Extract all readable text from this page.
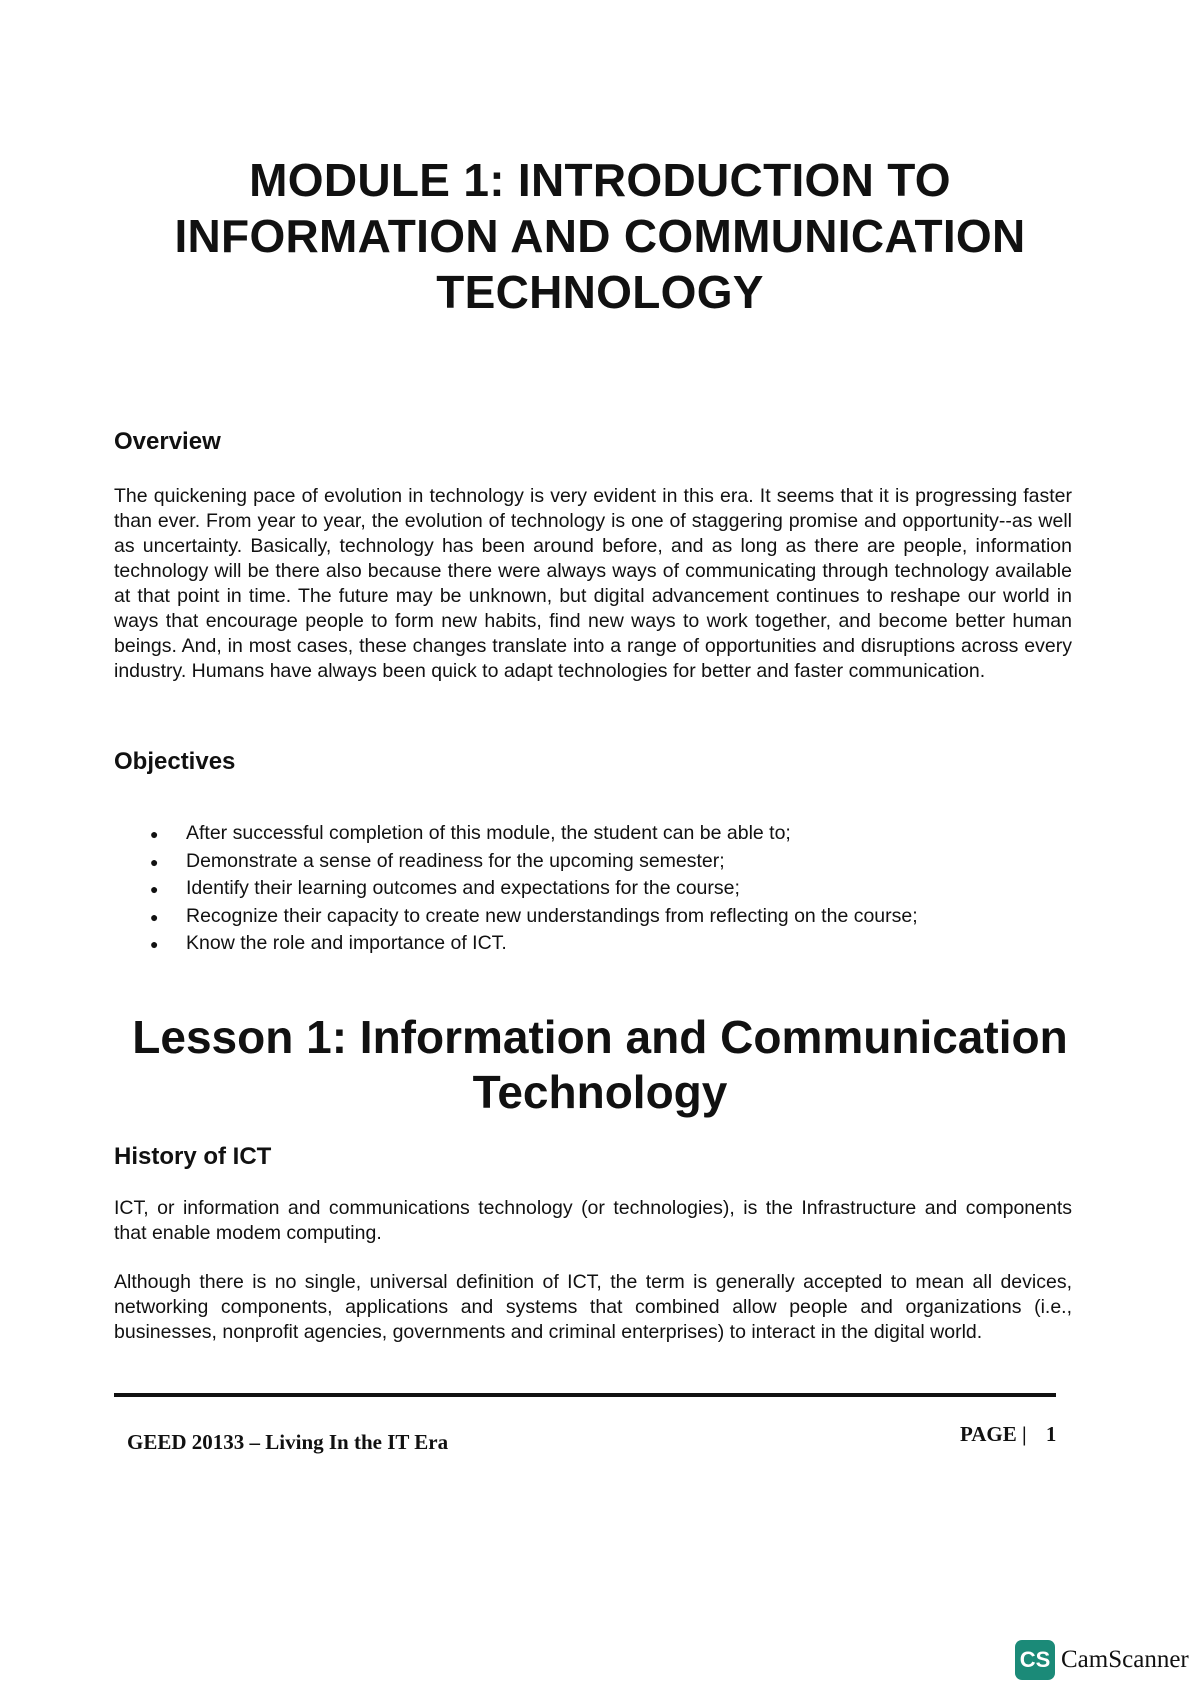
MODULE 1: INTRODUCTION TO INFORMATION AND COMMUNICATION TECHNOLOGY
Overview

The quickening pace of evolution in technology is very evident in this era. It seems that it is progressing faster than ever. From year to year, the evolution of technology is one of staggering promise and opportunity--as well as uncertainty. Basically, technology has been around before, and as long as there are people, information technology will be there also because there were always ways of communicating through technology available at that point in time. The future may be unknown, but digital advancement continues to reshape our world in ways that encourage people to form new habits, find new ways to work together, and become better human beings. And, in most cases, these changes translate into a range of opportunities and disruptions across every industry. Humans have always been quick to adapt technologies for better and faster communication.

Objectives
●	After successful completion of this module, the student can be able to;
●	Demonstrate a sense of readiness for the upcoming semester;
●	Identify their learning outcomes and expectations for the course;
●	Recognize their capacity to create new understandings from reflecting on the course;
●	Know the role and importance of ICT.
Lesson 1: Information and Communication Technology
History of ICT

ICT, or information and communications technology (or technologies), is the Infrastructure and components that enable modem computing.

Although there is no single, universal definition of ICT, the term is generally accepted to mean all devices, networking components, applications and systems that combined allow people and organizations (i.e., businesses, nonprofit agencies, governments and criminal enterprises) to interact in the digital world.

GEED 20133 – Living In the IT Era	PAGE | 1

CS CamScanner
